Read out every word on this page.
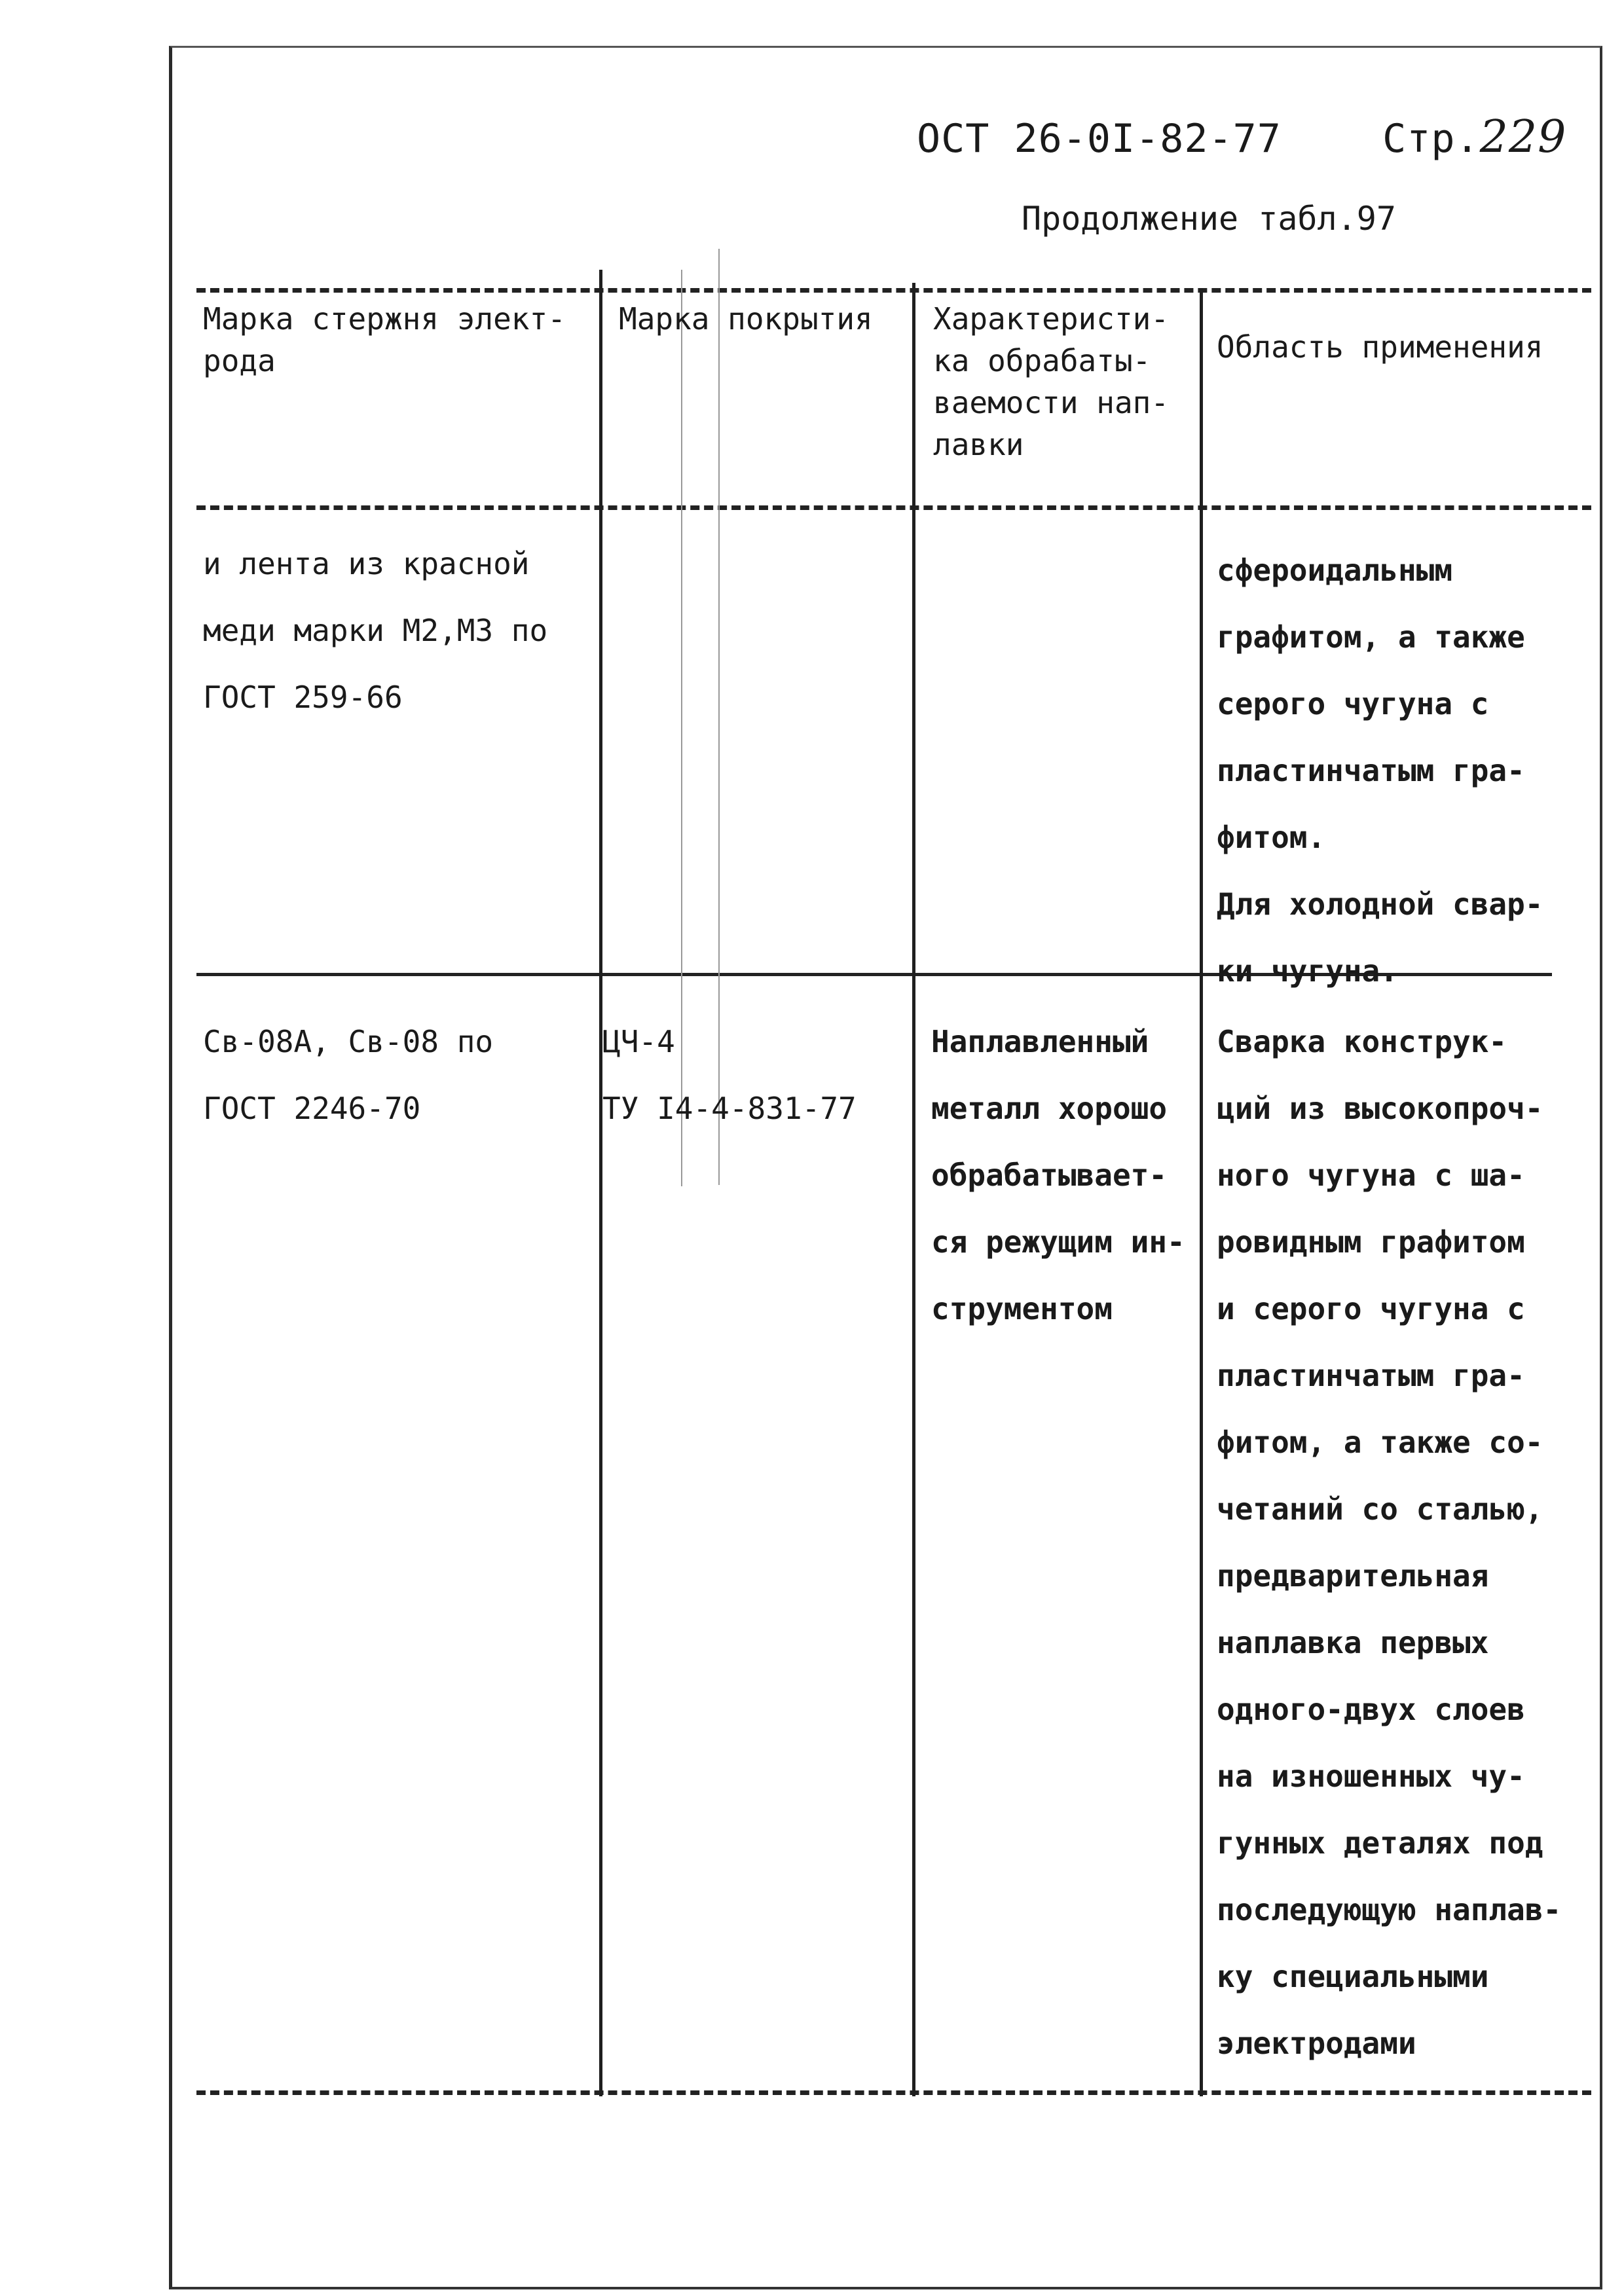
ОСТ 26-0I-82-77	Стр.229
Продолжение табл.97
Марка стержня элект-
рода
Марка покрытия	Характеристи-
ка обрабаты-
ваемости нап-
лавки
Область применения
и лента из красной
меди марки М2,М3 по
ГОСТ 259-66
сфероидальным
графитом, а также
серого чугуна с
пластинчатым гра-
фитом.
Для холодной свар-
ки чугуна.
Св-08А, Св-08 по
ГОСТ 2246-70
ЦЧ-4
ТУ I4-4-831-77
Наплавленный
металл хорошо
обрабатывает-
ся режущим ин-
струментом
Сварка конструк-
ций из высокопроч-
ного чугуна с ша-
ровидным графитом
и серого чугуна с
пластинчатым гра-
фитом, а также со-
четаний со сталью,
предварительная
наплавка первых
одного-двух слоев
на изношенных чу-
гунных деталях под
последующую наплав-
ку специальными
электродами
